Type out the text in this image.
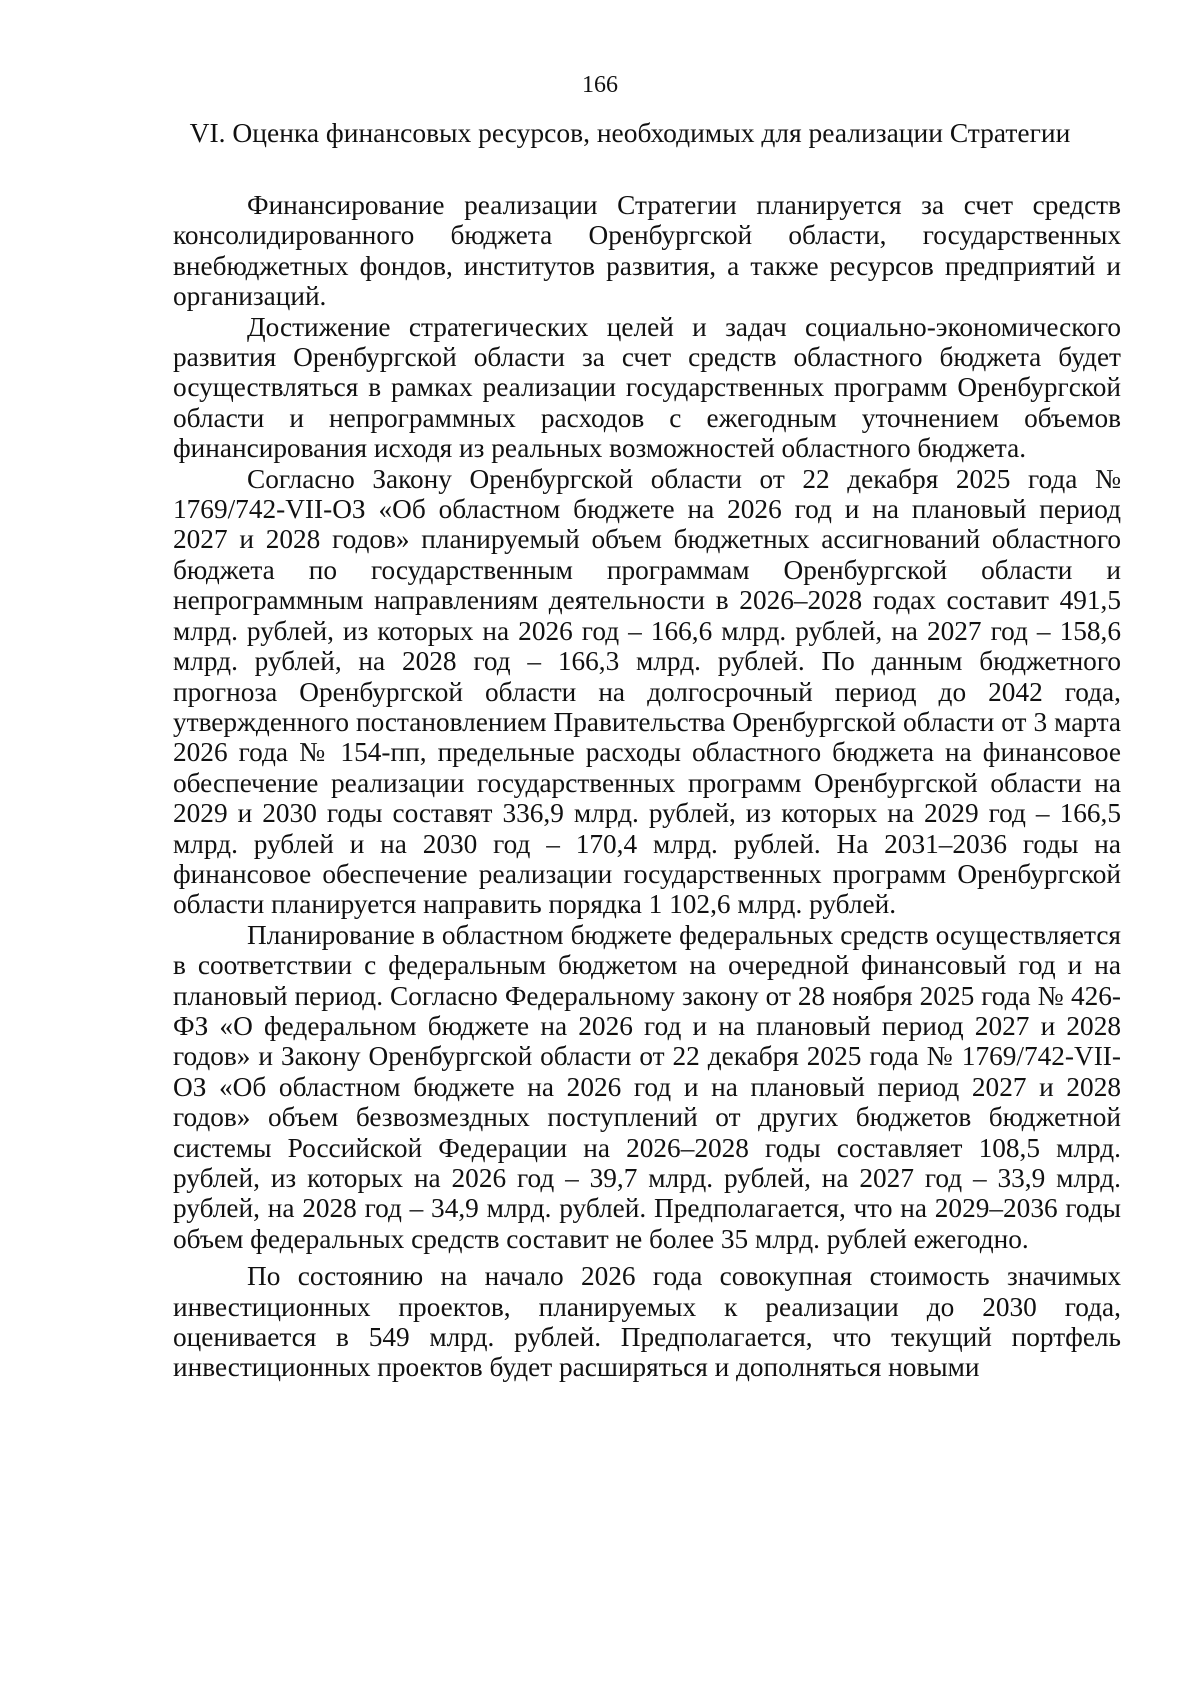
166
VI. Оценка финансовых ресурсов, необходимых для реализации Стратегии

Финансирование реализации Стратегии планируется за счет средств консолидированного бюджета Оренбургской области, государственных внебюджетных фондов, институтов развития, а также ресурсов предприятий и организаций.

Достижение стратегических целей и задач социально-экономического развития Оренбургской области за счет средств областного бюджета будет осуществляться в рамках реализации государственных программ Оренбургской области и непрограммных расходов с ежегодным уточнением объемов финансирования исходя из реальных возможностей областного бюджета.

Согласно Закону Оренбургской области от 22 декабря 2025 года № 1769/742-VII-ОЗ «Об областном бюджете на 2026 год и на плановый период 2027 и 2028 годов» планируемый объем бюджетных ассигнований областного бюджета по государственным программам Оренбургской области и непрограммным направлениям деятельности в 2026–2028 годах составит 491,5 млрд. рублей, из которых на 2026 год – 166,6 млрд. рублей, на 2027 год – 158,6 млрд. рублей, на 2028 год – 166,3 млрд. рублей. По данным бюджетного прогноза Оренбургской области на долгосрочный период до 2042 года, утвержденного постановлением Правительства Оренбургской области от 3 марта 2026 года № 154-пп, предельные расходы областного бюджета на финансовое обеспечение реализации государственных программ Оренбургской области на 2029 и 2030 годы составят 336,9 млрд. рублей, из которых на 2029 год – 166,5 млрд. рублей и на 2030 год – 170,4 млрд. рублей. На 2031–2036 годы на финансовое обеспечение реализации государственных программ Оренбургской области планируется направить порядка 1 102,6 млрд. рублей.

Планирование в областном бюджете федеральных средств осуществляется в соответствии с федеральным бюджетом на очередной финансовый год и на плановый период. Согласно Федеральному закону от 28 ноября 2025 года № 426-ФЗ «О федеральном бюджете на 2026 год и на плановый период 2027 и 2028 годов» и Закону Оренбургской области от 22 декабря 2025 года № 1769/742-VII-ОЗ «Об областном бюджете на 2026 год и на плановый период 2027 и 2028 годов» объем безвозмездных поступлений от других бюджетов бюджетной системы Российской Федерации на 2026–2028 годы составляет 108,5 млрд. рублей, из которых на 2026 год – 39,7 млрд. рублей, на 2027 год – 33,9 млрд. рублей, на 2028 год – 34,9 млрд. рублей. Предполагается, что на 2029–2036 годы объем федеральных средств составит не более 35 млрд. рублей ежегодно.

По состоянию на начало 2026 года совокупная стоимость значимых инвестиционных проектов, планируемых к реализации до 2030 года, оценивается в 549 млрд. рублей. Предполагается, что текущий портфель инвестиционных проектов будет расширяться и дополняться новыми
